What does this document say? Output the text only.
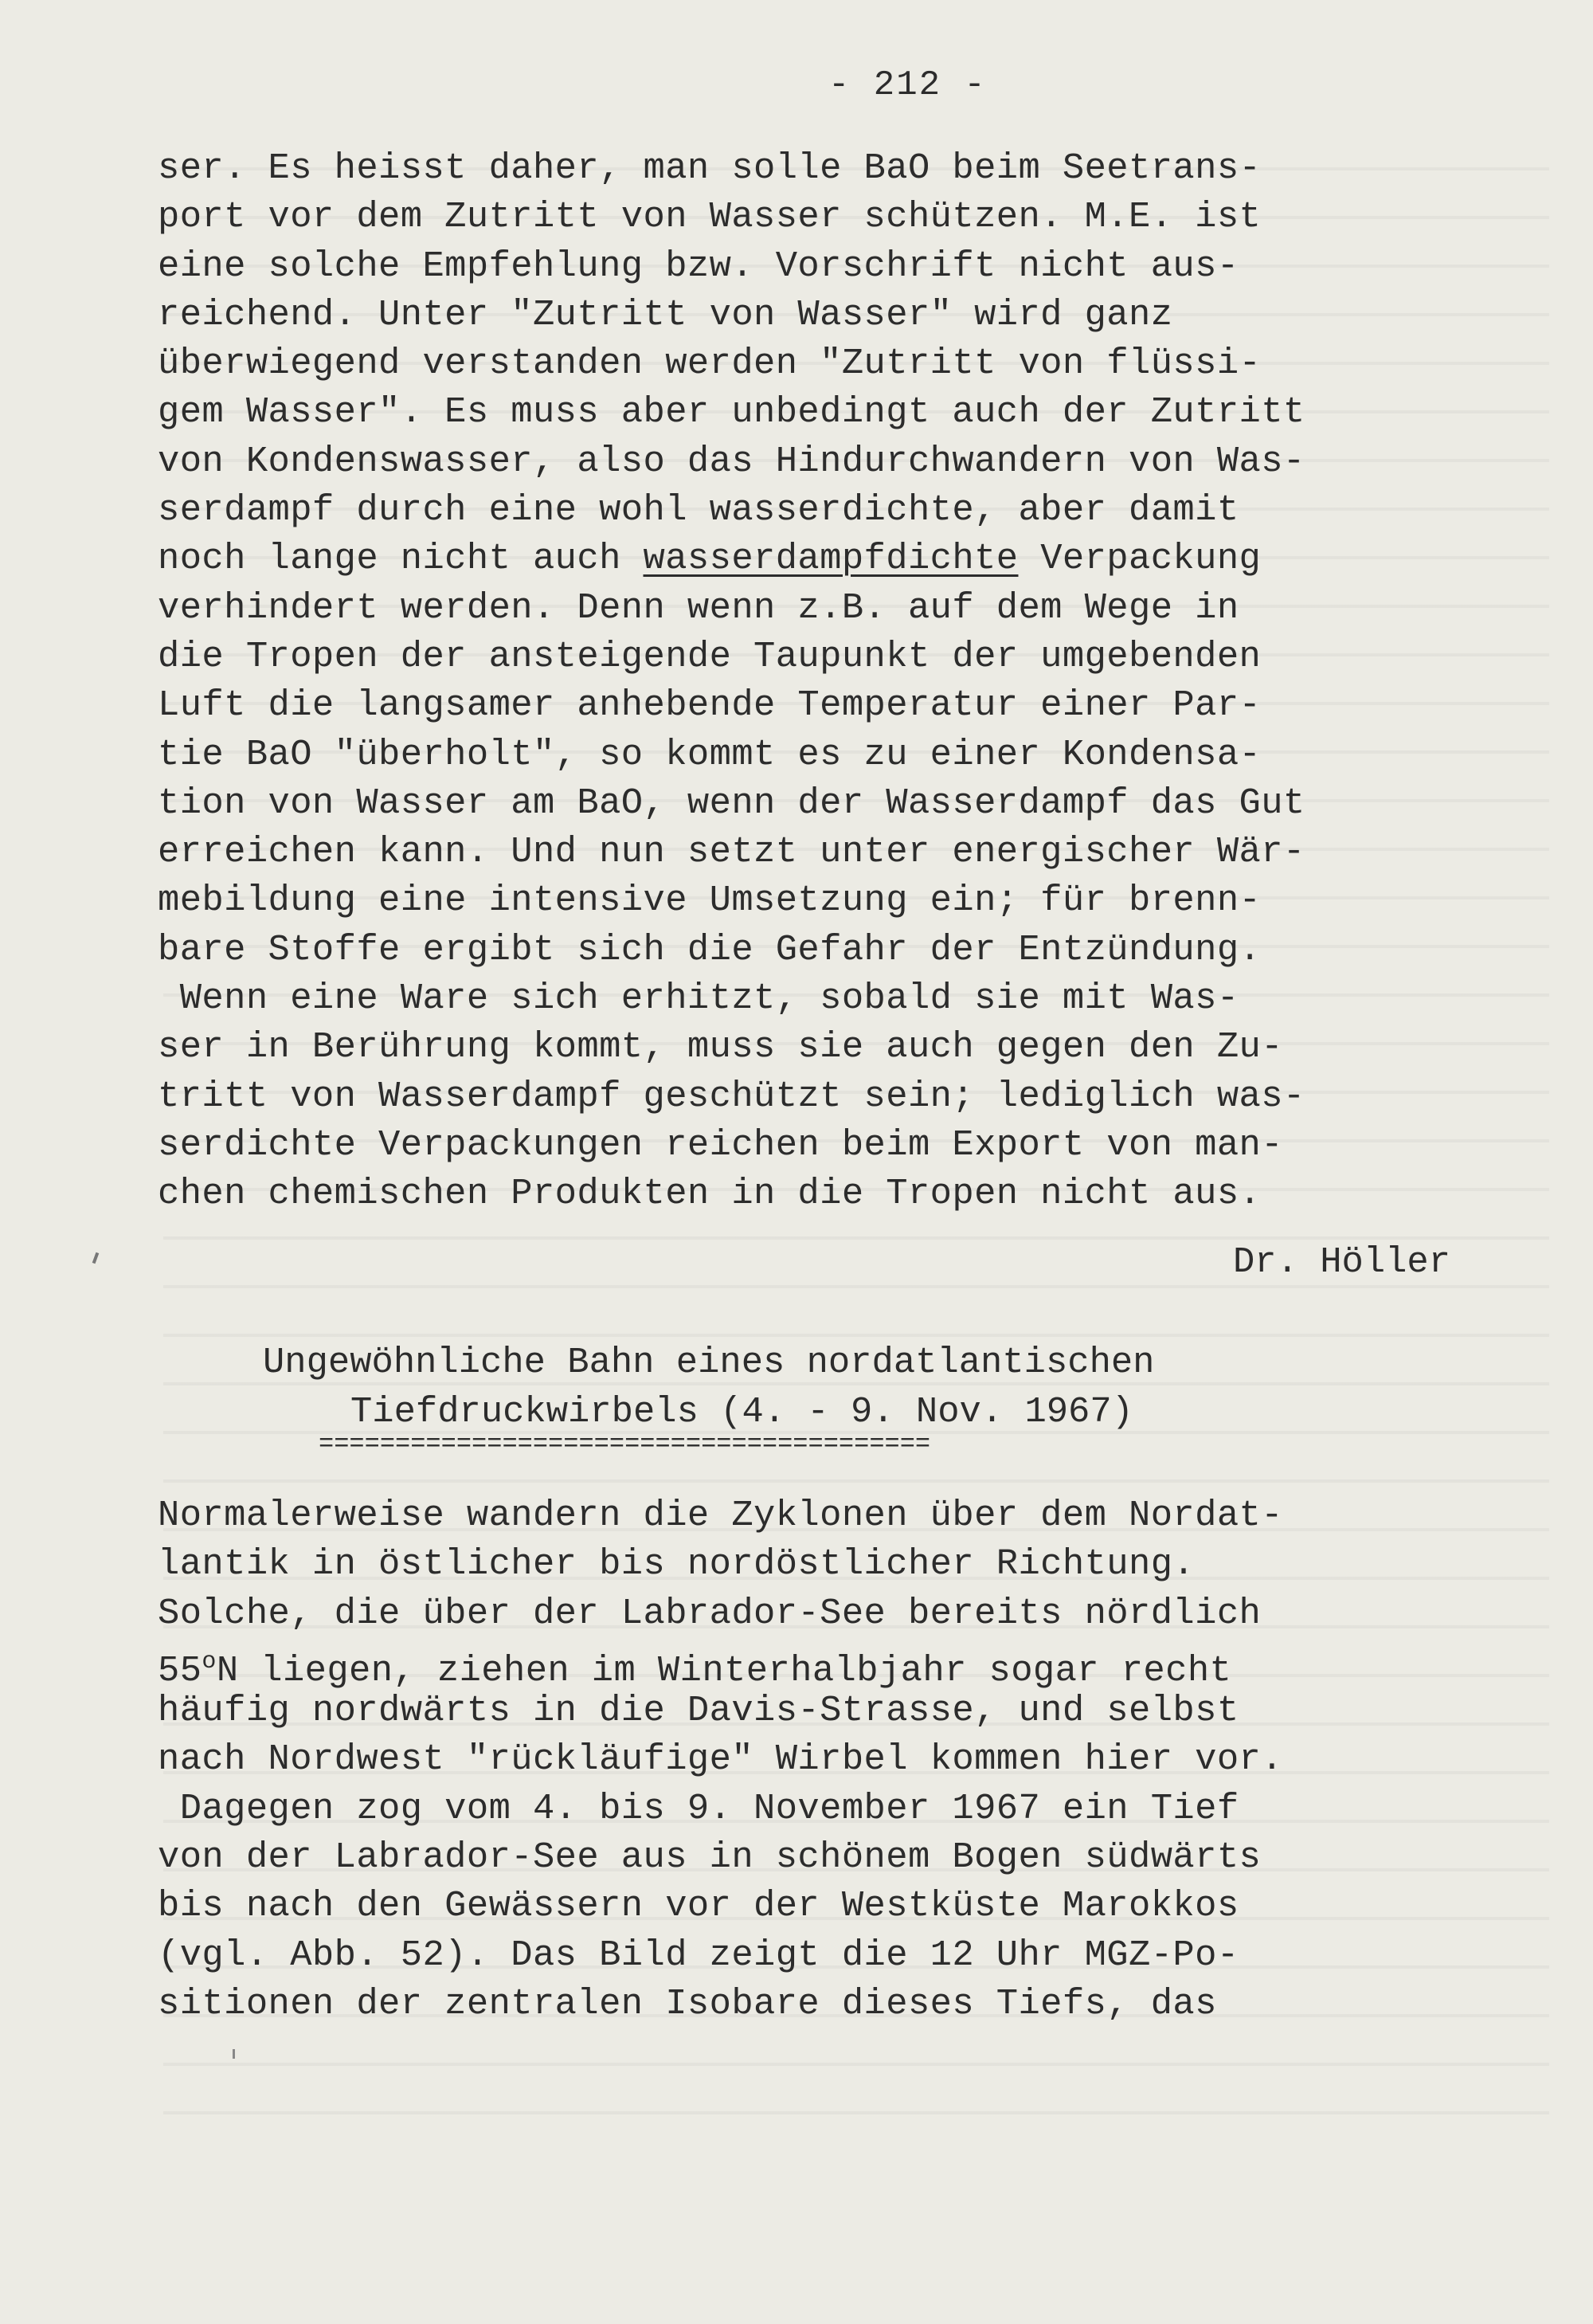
- 212 -
ser. Es heisst daher, man solle BaO beim Seetrans-
port vor dem Zutritt von Wasser schützen. M.E. ist
eine solche Empfehlung bzw. Vorschrift nicht aus-
reichend. Unter "Zutritt von Wasser" wird ganz
überwiegend verstanden werden "Zutritt von flüssi-
gem Wasser". Es muss aber unbedingt auch der Zutritt
von Kondenswasser, also das Hindurchwandern von Was-
serdampf durch eine wohl wasserdichte, aber damit
noch lange nicht auch wasserdampfdichte Verpackung
verhindert werden. Denn wenn z.B. auf dem Wege in
die Tropen der ansteigende Taupunkt der umgebenden
Luft die langsamer anhebende Temperatur einer Par-
tie BaO "überholt", so kommt es zu einer Kondensa-
tion von Wasser am BaO, wenn der Wasserdampf das Gut
erreichen kann. Und nun setzt unter energischer Wär-
mebildung eine intensive Umsetzung ein; für brenn-
bare Stoffe ergibt sich die Gefahr der Entzündung.
Wenn eine Ware sich erhitzt, sobald sie mit Was-
ser in Berührung kommt, muss sie auch gegen den Zu-
tritt von Wasserdampf geschützt sein; lediglich was-
serdichte Verpackungen reichen beim Export von man-
chen chemischen Produkten in die Tropen nicht aus.
Dr. Höller
Ungewöhnliche Bahn eines nordatlantischen
Tiefdruckwirbels (4. - 9. Nov. 1967)
========================================
Normalerweise wandern die Zyklonen über dem Nordat-
lantik in östlicher bis nordöstlicher Richtung.
Solche, die über der Labrador-See bereits nördlich
55$^o$N liegen, ziehen im Winterhalbjahr sogar recht
häufig nordwärts in die Davis-Strasse, und selbst
nach Nordwest "rückläufige" Wirbel kommen hier vor.
Dagegen zog vom 4. bis 9. November 1967 ein Tief
von der Labrador-See aus in schönem Bogen südwärts
bis nach den Gewässern vor der Westküste Marokkos
(vgl. Abb. 52). Das Bild zeigt die 12 Uhr MGZ-Po-
sitionen der zentralen Isobare dieses Tiefs, das
